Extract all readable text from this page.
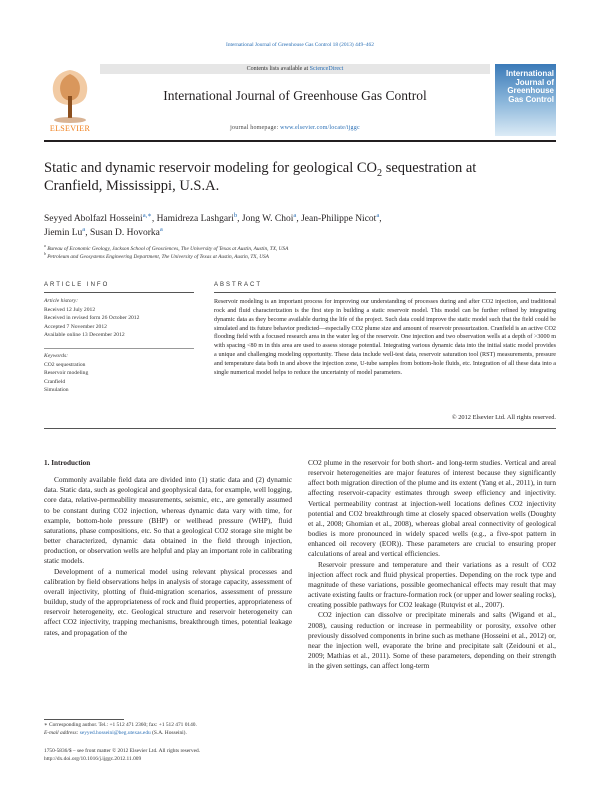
International Journal of Greenhouse Gas Control 18 (2013) 449–462
ELSEVIER
Contents lists available at ScienceDirect
International Journal of Greenhouse Gas Control
journal homepage: www.elsevier.com/locate/ijggc
International Journal of Greenhouse Gas Control
Static and dynamic reservoir modeling for geological $CO_2$ sequestration at
Cranfield, Mississippi, U.S.A.
Seyyed Abolfazl Hosseini$^{a,∗}$, Hamidreza Lashgari$^b$, Jong W. Choi$^a$, Jean-Philippe Nicot$^a$,
Jiemin Lu$^a$, Susan D. Hovorka$^a$
$^a$ Bureau of Economic Geology, Jackson School of Geosciences, The University of Texas at Austin, Austin, TX, USA
$^b$ Petroleum and Geosystems Engineering Department, The University of Texas at Austin, Austin, TX, USA
ARTICLE INFO	ABSTRACT
Article history:
Received 12 July 2012
Received in revised form 26 October 2012
Accepted 7 November 2012
Available online 13 December 2012
Keywords:
CO2 sequestration
Reservoir modeling
Cranfield
Simulation
Reservoir modeling is an important process for improving our understanding of processes during and after CO2 injection, and traditional rock and fluid characterization is the first step in building a static reservoir model. This model can be further refined by integrating dynamic data as they become available during the life of the project. Such data could improve the static model such that the field could be simulated and its future behavior predicted—especially CO2 plume size and amount of reservoir pressurization. Cranfield is an active CO2 flooding field with a focused research area in the water leg of the reservoir. One injection and two observation wells at a depth of >3000 m with spacing <80 m in this area are used to assess storage potential. Integrating various dynamic data into the initial static model provides a unique and challenging modeling opportunity. These data include well-test data, reservoir saturation tool (RST) measurements, pressure and temperature data both in and above the injection zone, U-tube samples from bottom-hole fluids, etc. Integration of all these data into a single numerical model helps to reduce the uncertainty of model parameters.
© 2012 Elsevier Ltd. All rights reserved.
1. Introduction

Commonly available field data are divided into (1) static data and (2) dynamic data. Static data, such as geological and geophysical data, for example, well logging, core data, relative-permeability measurements, seismic, etc., are generally assumed to be constant during CO2 injection, whereas dynamic data vary with time, for example, bottom-hole pressure (BHP) or wellhead pressure (WHP), fluid saturations, phase compositions, etc. So that a geological CO2 storage site might be better characterized, dynamic data obtained in the field through injection, production, or observation wells are helpful and play an important role in calibrating static models.

Development of a numerical model using relevant physical processes and calibration by field observations helps in analysis of storage capacity, assessment of overall injectivity, plotting of fluid-migration scenarios, assessment of pressure buildup, study of the appropriateness of rock and fluid properties, appropriateness of reservoir heterogeneity, etc. Geological structure and reservoir heterogeneity can affect CO2 injectivity, trapping mechanisms, breakthrough times, potential leakage rates, and propagation of the

CO2 plume in the reservoir for both short- and long-term studies. Vertical and areal reservoir heterogeneities are major features of interest because they significantly affect both migration direction of the plume and its extent (Yang et al., 2011), in turn affecting reservoir-capacity estimates through sweep efficiency and injectivity. Vertical permeability contrast at injection-well locations defines CO2 injectivity potential and CO2 breakthrough time at closely spaced observation wells (Doughty et al., 2008; Ghomian et al., 2008), whereas global areal connectivity of geological bodies is more pronounced in widely spaced wells (e.g., a five-spot pattern in enhanced oil recovery (EOR)). These parameters are crucial to ensuring proper calculations of areal and vertical efficiencies.

Reservoir pressure and temperature and their variations as a result of CO2 injection affect rock and fluid physical properties. Depending on the rock type and magnitude of these variations, possible geomechanical effects may result that may activate existing faults or fracture-formation rock (or upper and lower sealing rocks), creating possible pathways for CO2 leakage (Rutqvist et al., 2007).

CO2 injection can dissolve or precipitate minerals and salts (Wigand et al., 2008), causing reduction or increase in permeability or porosity, exsolve other previously dissolved components in brine such as methane (Hosseini et al., 2012) or, near the injection well, evaporate the brine and precipitate salt (Zeidouni et al., 2009; Mathias et al., 2011). Some of these parameters, depending on their strength in the given settings, can affect long-term

∗ Corresponding author. Tel.: +1 512 471 2360; fax: +1 512 471 0140.
E-mail address: seyyed.hosseini@beg.utexas.edu (S.A. Hosseini).
1750-5836/$ – see front matter © 2012 Elsevier Ltd. All rights reserved.
http://dx.doi.org/10.1016/j.ijggc.2012.11.009
